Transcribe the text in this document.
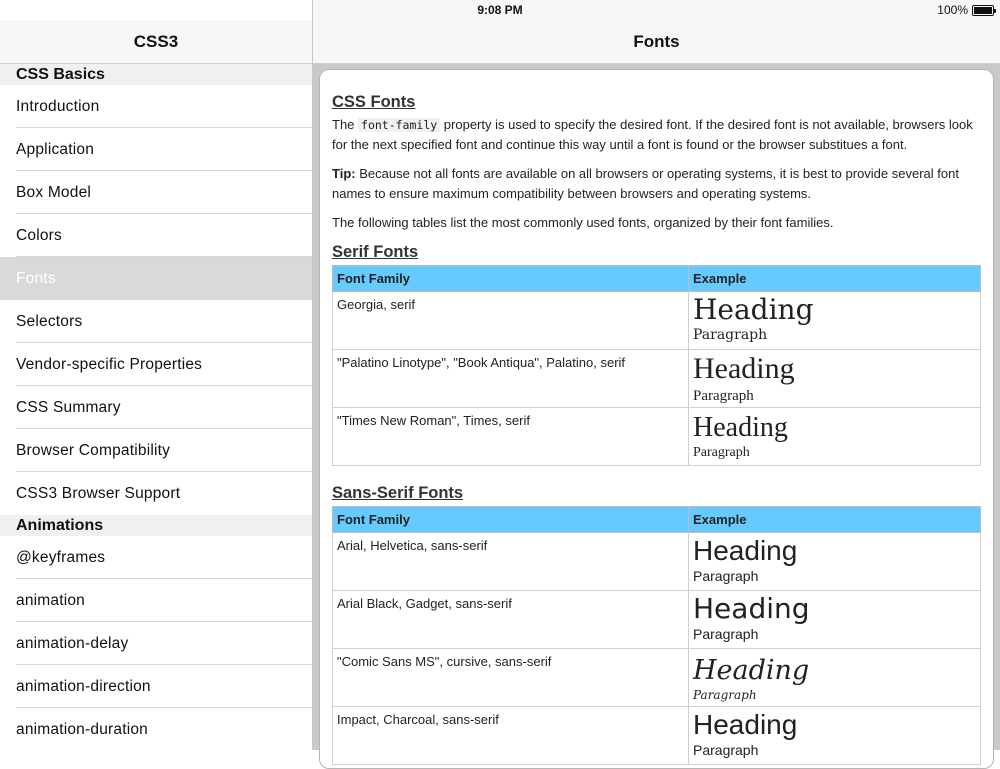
9:08 PM	100%
CSS3
CSS Basics
Introduction
Application
Box Model
Colors
Fonts
Selectors
Vendor-specific Properties
CSS Summary
Browser Compatibility
CSS3 Browser Support
Animations
@keyframes
animation
animation-delay
animation-direction
animation-duration
Fonts
CSS Fonts

The font-family property is used to specify the desired font. If the desired font is not available, browsers look for the next specified font and continue this way until a font is found or the browser substitues a font.

Tip: Because not all fonts are available on all browsers or operating systems, it is best to provide several font names to ensure maximum compatibility between browsers and operating systems.

The following tables list the most commonly used fonts, organized by their font families.

Serif Fonts
Font Family	Example
Georgia, serif	Heading
Paragraph

"Palatino Linotype", "Book Antiqua", Palatino, serif	Heading
Paragraph

"Times New Roman", Times, serif	Heading
Paragraph
Sans-Serif Fonts
Font Family	Example
Arial, Helvetica, sans-serif	Heading
Paragraph

Arial Black, Gadget, sans-serif	Heading
Paragraph

"Comic Sans MS", cursive, sans-serif	Heading
Paragraph

Impact, Charcoal, sans-serif	Heading
Paragraph
